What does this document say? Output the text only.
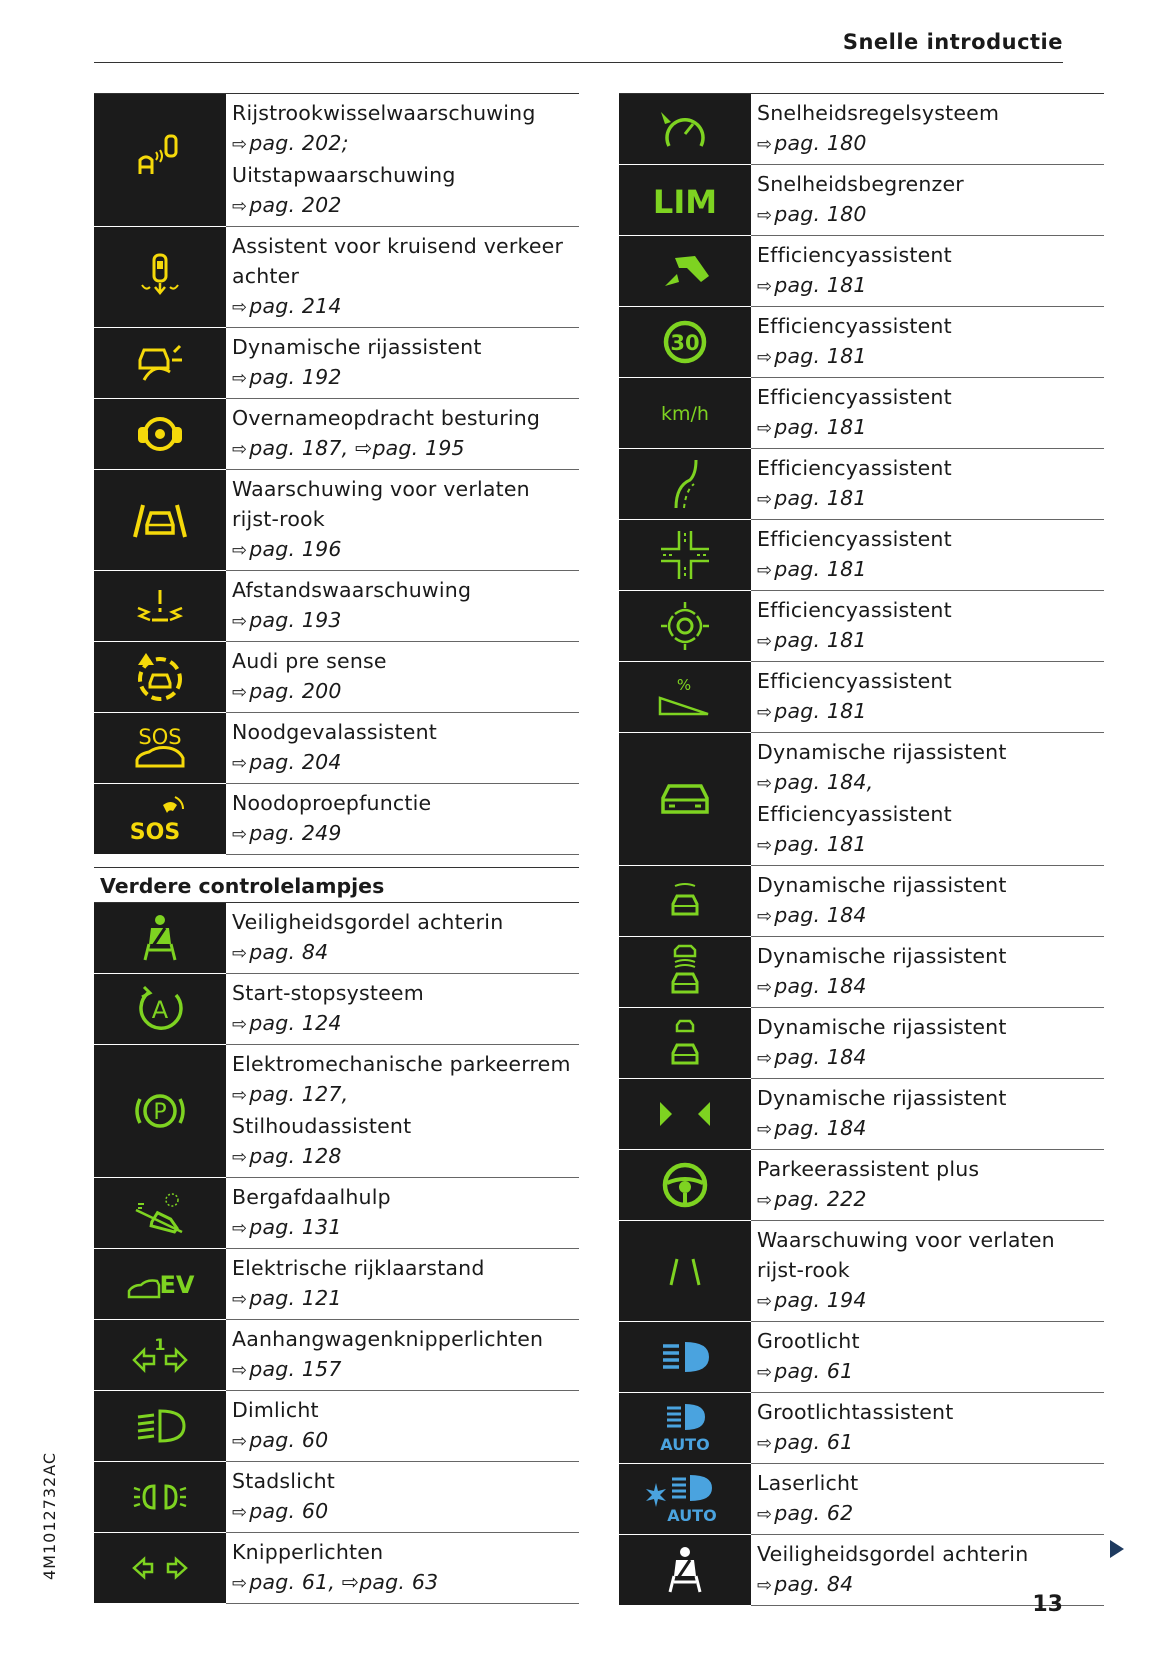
Snelle introductie

Rijstrookwisselwaarschuwing
⇨pag. 202;
Uitstapwaarschuwing
⇨pag. 202

Assistent voor kruisend verkeer achter
⇨pag. 214

Dynamische rijassistent
⇨pag. 192

Overnameopdracht besturing
⇨pag. 187, ⇨pag. 195

Waarschuwing voor verlaten rijst-rook
⇨pag. 196

Afstandswaarschuwing
⇨pag. 193

Audi pre sense
⇨pag. 200

SOS	Noodgevalassistent
⇨pag. 204

SOS	Noodoproepfunctie
⇨pag. 249
Verdere controlelampjes

Veiligheidsgordel achterin
⇨pag. 84

A	Start-stopsysteem
⇨pag. 124

P	Elektromechanische parkeerrem
⇨pag. 127,
Stilhoudassistent
⇨pag. 128

Bergafdaalhulp
⇨pag. 131

EV	Elektrische rijklaarstand
⇨pag. 121

1	Aanhangwagenknipperlichten
⇨pag. 157

Dimlicht
⇨pag. 60

Stadslicht
⇨pag. 60

Knipperlichten
⇨pag. 61, ⇨pag. 63

Snelheidsregelsysteem
⇨pag. 180

LIM	Snelheidsbegrenzer
⇨pag. 180

Efficiencyassistent
⇨pag. 181

30	Efficiencyassistent
⇨pag. 181

km/h	Efficiencyassistent
⇨pag. 181

Efficiencyassistent
⇨pag. 181

Efficiencyassistent
⇨pag. 181

Efficiencyassistent
⇨pag. 181

%	Efficiencyassistent
⇨pag. 181

Dynamische rijassistent
⇨pag. 184,
Efficiencyassistent
⇨pag. 181

Dynamische rijassistent
⇨pag. 184

Dynamische rijassistent
⇨pag. 184

Dynamische rijassistent
⇨pag. 184

Dynamische rijassistent
⇨pag. 184

Parkeerassistent plus
⇨pag. 222

Waarschuwing voor verlaten rijst-rook
⇨pag. 194

Grootlicht
⇨pag. 61

AUTO	Grootlichtassistent
⇨pag. 61

AUTO	Laserlicht
⇨pag. 62

Veiligheidsgordel achterin
⇨pag. 84
4M1012732AC
13
